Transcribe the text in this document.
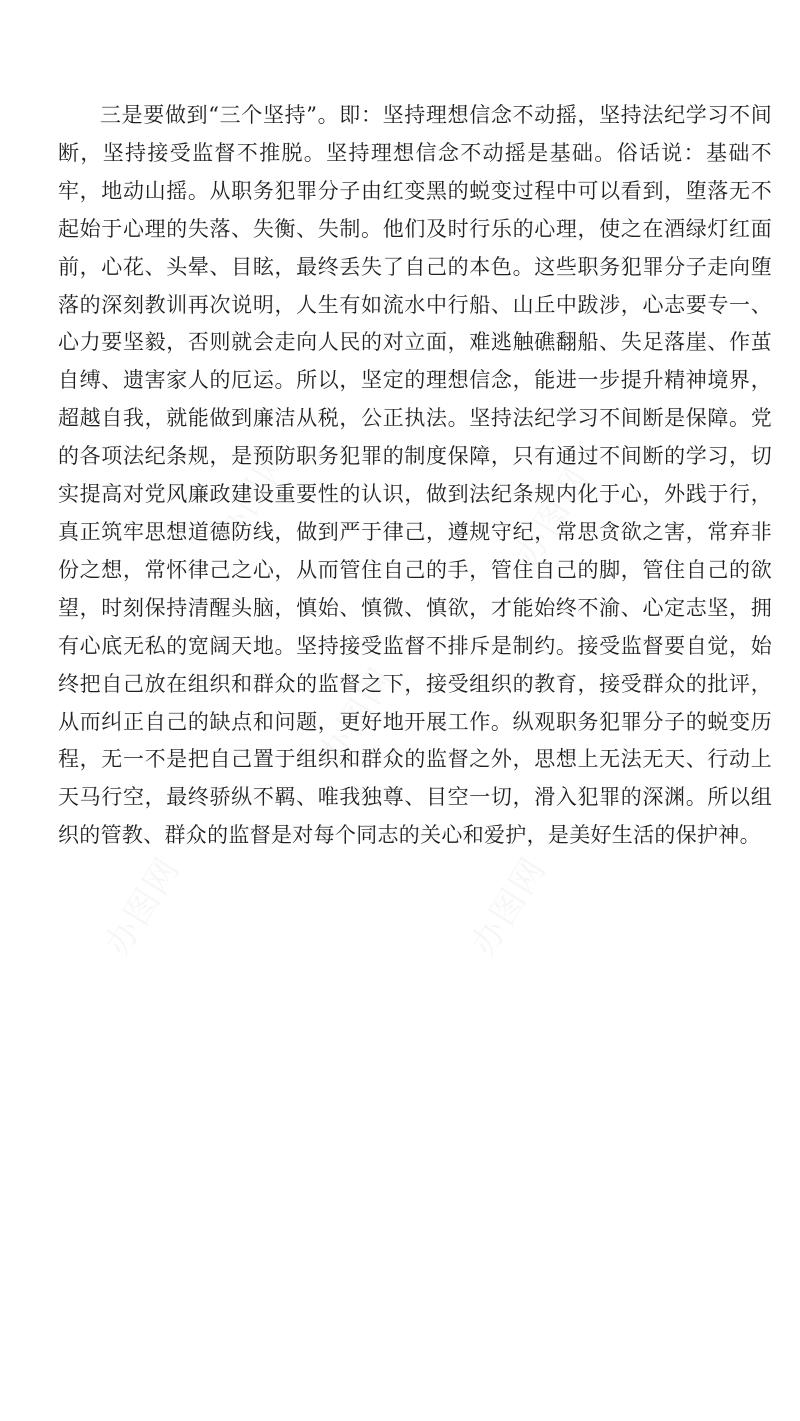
办图网	办图网
办图网
办图网	办图网

三是要做到“三个坚持”。即：坚持理想信念不动摇，坚持法纪学习不间断，坚持接受监督不推脱。坚持理想信念不动摇是基础。俗话说：基础不牢，地动山摇。从职务犯罪分子由红变黑的蜕变过程中可以看到，堕落无不起始于心理的失落、失衡、失制。他们及时行乐的心理，使之在酒绿灯红面前，心花、头晕、目眩，最终丢失了自己的本色。这些职务犯罪分子走向堕落的深刻教训再次说明，人生有如流水中行船、山丘中跋涉，心志要专一、心力要坚毅，否则就会走向人民的对立面，难逃触礁翻船、失足落崖、作茧自缚、遗害家人的厄运。所以，坚定的理想信念，能进一步提升精神境界，超越自我，就能做到廉洁从税，公正执法。坚持法纪学习不间断是保障。党的各项法纪条规，是预防职务犯罪的制度保障，只有通过不间断的学习，切实提高对党风廉政建设重要性的认识，做到法纪条规内化于心，外践于行，真正筑牢思想道德防线，做到严于律己，遵规守纪，常思贪欲之害，常弃非份之想，常怀律己之心，从而管住自己的手，管住自己的脚，管住自己的欲望，时刻保持清醒头脑，慎始、慎微、慎欲，才能始终不渝、心定志坚，拥有心底无私的宽阔天地。坚持接受监督不排斥是制约。接受监督要自觉，始终把自己放在组织和群众的监督之下，接受组织的教育，接受群众的批评，从而纠正自己的缺点和问题，更好地开展工作。纵观职务犯罪分子的蜕变历程，无一不是把自己置于组织和群众的监督之外，思想上无法无天、行动上天马行空，最终骄纵不羁、唯我独尊、目空一切，滑入犯罪的深渊。所以组织的管教、群众的监督是对每个同志的关心和爱护，是美好生活的保护神。
